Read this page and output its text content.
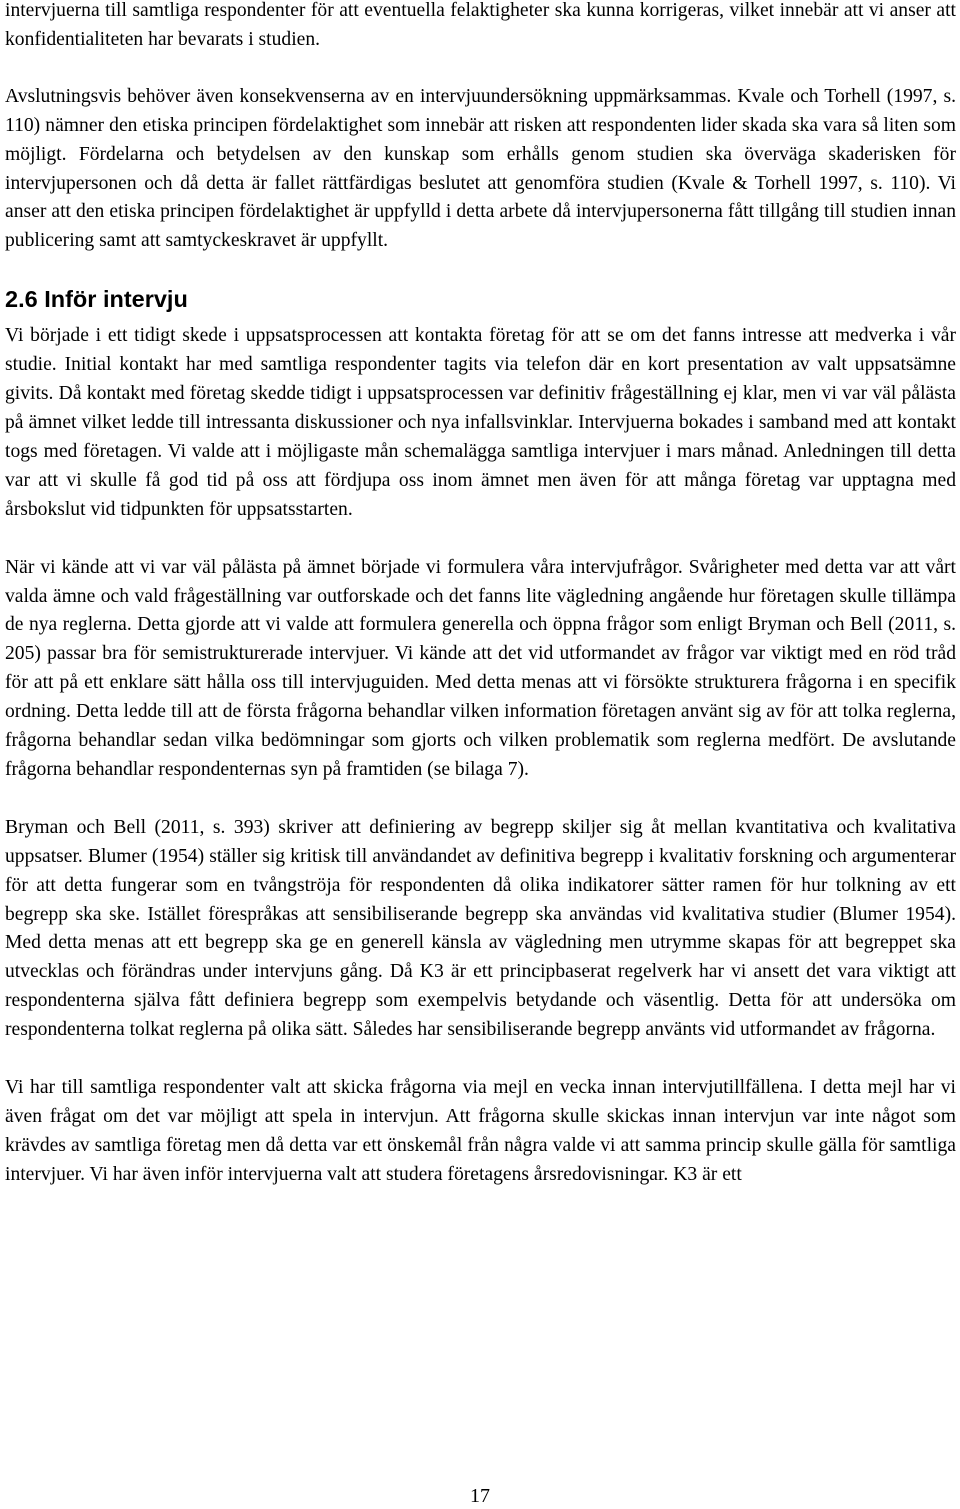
intervjuerna till samtliga respondenter för att eventuella felaktigheter ska kunna korrigeras, vilket innebär att vi anser att konfidentialiteten har bevarats i studien.

Avslutningsvis behöver även konsekvenserna av en intervjuundersökning uppmärksammas. Kvale och Torhell (1997, s. 110) nämner den etiska principen fördelaktighet som innebär att risken att respondenten lider skada ska vara så liten som möjligt. Fördelarna och betydelsen av den kunskap som erhålls genom studien ska överväga skaderisken för intervjupersonen och då detta är fallet rättfärdigas beslutet att genomföra studien (Kvale & Torhell 1997, s. 110). Vi anser att den etiska principen fördelaktighet är uppfylld i detta arbete då intervjupersonerna fått tillgång till studien innan publicering samt att samtyckeskravet är uppfyllt.

2.6 Inför intervju

Vi började i ett tidigt skede i uppsatsprocessen att kontakta företag för att se om det fanns intresse att medverka i vår studie. Initial kontakt har med samtliga respondenter tagits via telefon där en kort presentation av valt uppsatsämne givits. Då kontakt med företag skedde tidigt i uppsatsprocessen var definitiv frågeställning ej klar, men vi var väl pålästa på ämnet vilket ledde till intressanta diskussioner och nya infallsvinklar. Intervjuerna bokades i samband med att kontakt togs med företagen. Vi valde att i möjligaste mån schemalägga samtliga intervjuer i mars månad. Anledningen till detta var att vi skulle få god tid på oss att fördjupa oss inom ämnet men även för att många företag var upptagna med årsbokslut vid tidpunkten för uppsatsstarten.

När vi kände att vi var väl pålästa på ämnet började vi formulera våra intervjufrågor. Svårigheter med detta var att vårt valda ämne och vald frågeställning var outforskade och det fanns lite vägledning angående hur företagen skulle tillämpa de nya reglerna. Detta gjorde att vi valde att formulera generella och öppna frågor som enligt Bryman och Bell (2011, s. 205) passar bra för semistrukturerade intervjuer. Vi kände att det vid utformandet av frågor var viktigt med en röd tråd för att på ett enklare sätt hålla oss till intervjuguiden. Med detta menas att vi försökte strukturera frågorna i en specifik ordning. Detta ledde till att de första frågorna behandlar vilken information företagen använt sig av för att tolka reglerna, frågorna behandlar sedan vilka bedömningar som gjorts och vilken problematik som reglerna medfört. De avslutande frågorna behandlar respondenternas syn på framtiden (se bilaga 7).

Bryman och Bell (2011, s. 393) skriver att definiering av begrepp skiljer sig åt mellan kvantitativa och kvalitativa uppsatser. Blumer (1954) ställer sig kritisk till användandet av definitiva begrepp i kvalitativ forskning och argumenterar för att detta fungerar som en tvångströja för respondenten då olika indikatorer sätter ramen för hur tolkning av ett begrepp ska ske. Istället förespråkas att sensibiliserande begrepp ska användas vid kvalitativa studier (Blumer 1954). Med detta menas att ett begrepp ska ge en generell känsla av vägledning men utrymme skapas för att begreppet ska utvecklas och förändras under intervjuns gång. Då K3 är ett principbaserat regelverk har vi ansett det vara viktigt att respondenterna själva fått definiera begrepp som exempelvis betydande och väsentlig. Detta för att undersöka om respondenterna tolkat reglerna på olika sätt. Således har sensibiliserande begrepp använts vid utformandet av frågorna.

Vi har till samtliga respondenter valt att skicka frågorna via mejl en vecka innan intervjutillfällena. I detta mejl har vi även frågat om det var möjligt att spela in intervjun. Att frågorna skulle skickas innan intervjun var inte något som krävdes av samtliga företag men då detta var ett önskemål från några valde vi att samma princip skulle gälla för samtliga intervjuer. Vi har även inför intervjuerna valt att studera företagens årsredovisningar. K3 är ett

17
